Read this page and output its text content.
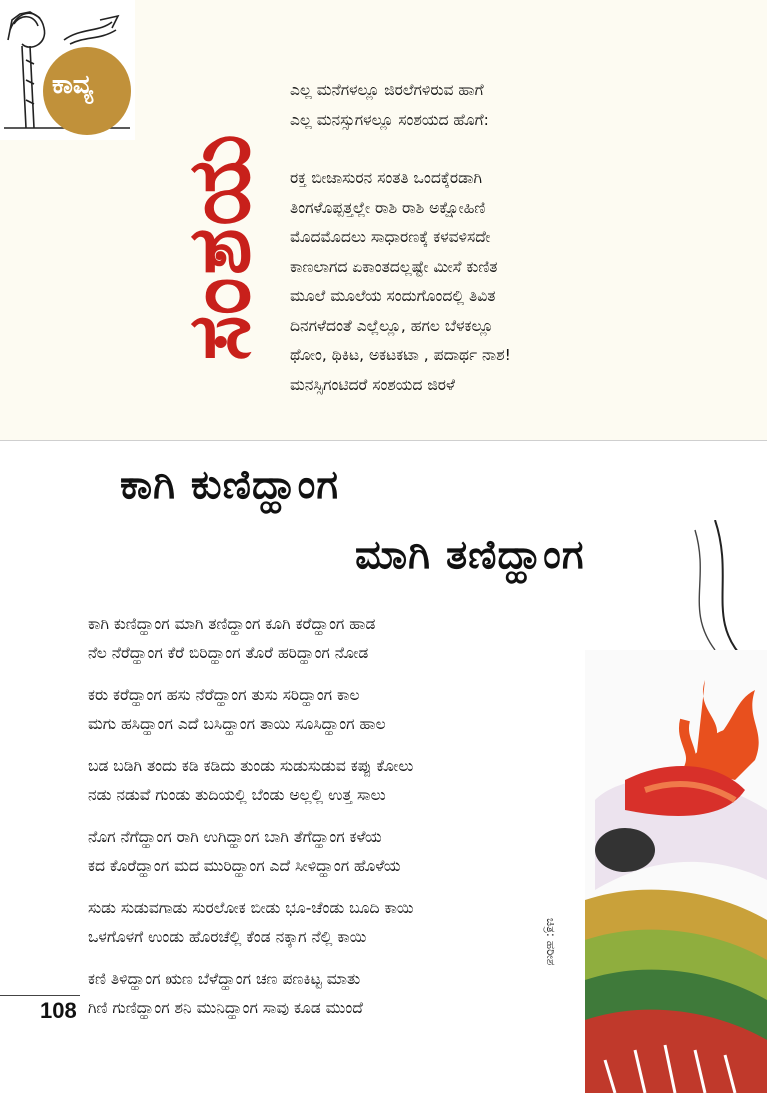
ಕಾವ್ಯ
ಸಂಶಯ

ಎಲ್ಲ ಮನೆಗಳಲ್ಲೂ ಜಿರಲೆಗಳಿರುವ ಹಾಗೆ

ಎಲ್ಲ ಮನಸ್ಸುಗಳಲ್ಲೂ ಸಂಶಯದ ಹೊಗೆ:

ರಕ್ತ ಬೀಜಾಸುರನ ಸಂತತಿ ಒಂದಕ್ಕೆರಡಾಗಿ

ತಿಂಗಳೊಪ್ಪತ್ತಲ್ಲೇ ರಾಶಿ ರಾಶಿ ಅಕ್ಷೋಹಿಣಿ

ಮೊದಮೊದಲು ಸಾಧಾರಣಕ್ಕೆ ಕಳವಳಿಸದೇ

ಕಾಣಲಾಗದ ಏಕಾಂತದಲ್ಲಷ್ಟೇ ಮೀಸೆ ಕುಣಿತ

ಮೂಲೆ ಮೂಲೆಯ ಸಂದುಗೊಂದಲ್ಲಿ ತಿವಿತ

ದಿನಗಳೆದಂತೆ ಎಲ್ಲೆಲ್ಲೂ, ಹಗಲ ಬೆಳಕಲ್ಲೂ

ಥೋಂ, ಥಿಕಿಟ, ಅಕಟಕಟಾ , ಪದಾರ್ಥ ನಾಶ!

ಮನಸ್ಸಿಗಂಟಿದರೆ ಸಂಶಯದ ಜಿರಳೆ

ಕಾಗಿ ಕುಣಿದ್ಹಾಂಗ
ಮಾಗಿ ತಣಿದ್ಹಾಂಗ

ಕಾಗಿ ಕುಣಿದ್ಹಾಂಗ ಮಾಗಿ ತಣಿದ್ಹಾಂಗ ಕೂಗಿ ಕರೆದ್ಹಾಂಗ ಹಾಡ

ನೆಲ ನೆರೆದ್ಹಾಂಗ ಕೆರೆ ಬಿರಿದ್ಹಾಂಗ ತೊರೆ ಹರಿದ್ಹಾಂಗ ನೋಡ

ಕರು ಕರೆದ್ಹಾಂಗ ಹಸು ನೆರೆದ್ಹಾಂಗ ತುಸು ಸರಿದ್ಹಾಂಗ ಕಾಲ

ಮಗು ಹಸಿದ್ಹಾಂಗ ಎದೆ ಬಸಿದ್ಹಾಂಗ ತಾಯಿ ಸೂಸಿದ್ಹಾಂಗ ಹಾಲ

ಬಡ ಬಡಿಗಿ ತಂದು ಕಡಿ ಕಡಿದು ತುಂಡು ಸುಡುಸುಡುವ ಕಪ್ಪು ಕೋಲು

ನಡು ನಡುವೆ ಗುಂಡು ತುದಿಯಲ್ಲಿ ಬೆಂಡು ಅಲ್ಲಲ್ಲಿ ಉತ್ತ ಸಾಲು

ನೊಗ ನೆಗೆದ್ಹಾಂಗ ರಾಗಿ ಉಗಿದ್ಹಾಂಗ ಬಾಗಿ ತೆಗೆದ್ಹಾಂಗ ಕಳೆಯ

ಕದ ಕೊರೆದ್ಹಾಂಗ ಮದ ಮುರಿದ್ಹಾಂಗ ಎದೆ ಸೀಳಿದ್ಹಾಂಗ ಹೊಳೆಯ

ಸುಡು ಸುಡುವಗಾಡು ಸುರಲೋಕ ಬೀಡು ಭೂ-ಚೆಂಡು ಬೂದಿ ಕಾಯಿ

ಒಳಗೊಳಗೆ ಉಂಡು ಹೊರಚೆಲ್ಲಿ ಕೆಂಡ ನಕ್ಕಾಗ ನೆಲ್ಲಿ ಕಾಯಿ

ಕಣಿ ತಿಳಿದ್ಹಾಂಗ ಋಣ ಬೆಳೆದ್ಹಾಂಗ ಚಣ ಪಣಕಿಟ್ಟ ಮಾತು

ಗಿಣಿ ಗುಣಿದ್ಹಾಂಗ ಶನಿ ಮುನಿದ್ಹಾಂಗ ಸಾವು ಕೂಡ ಮುಂದೆ

ಚಿತ್ರ: ಹರೀಶ
108
